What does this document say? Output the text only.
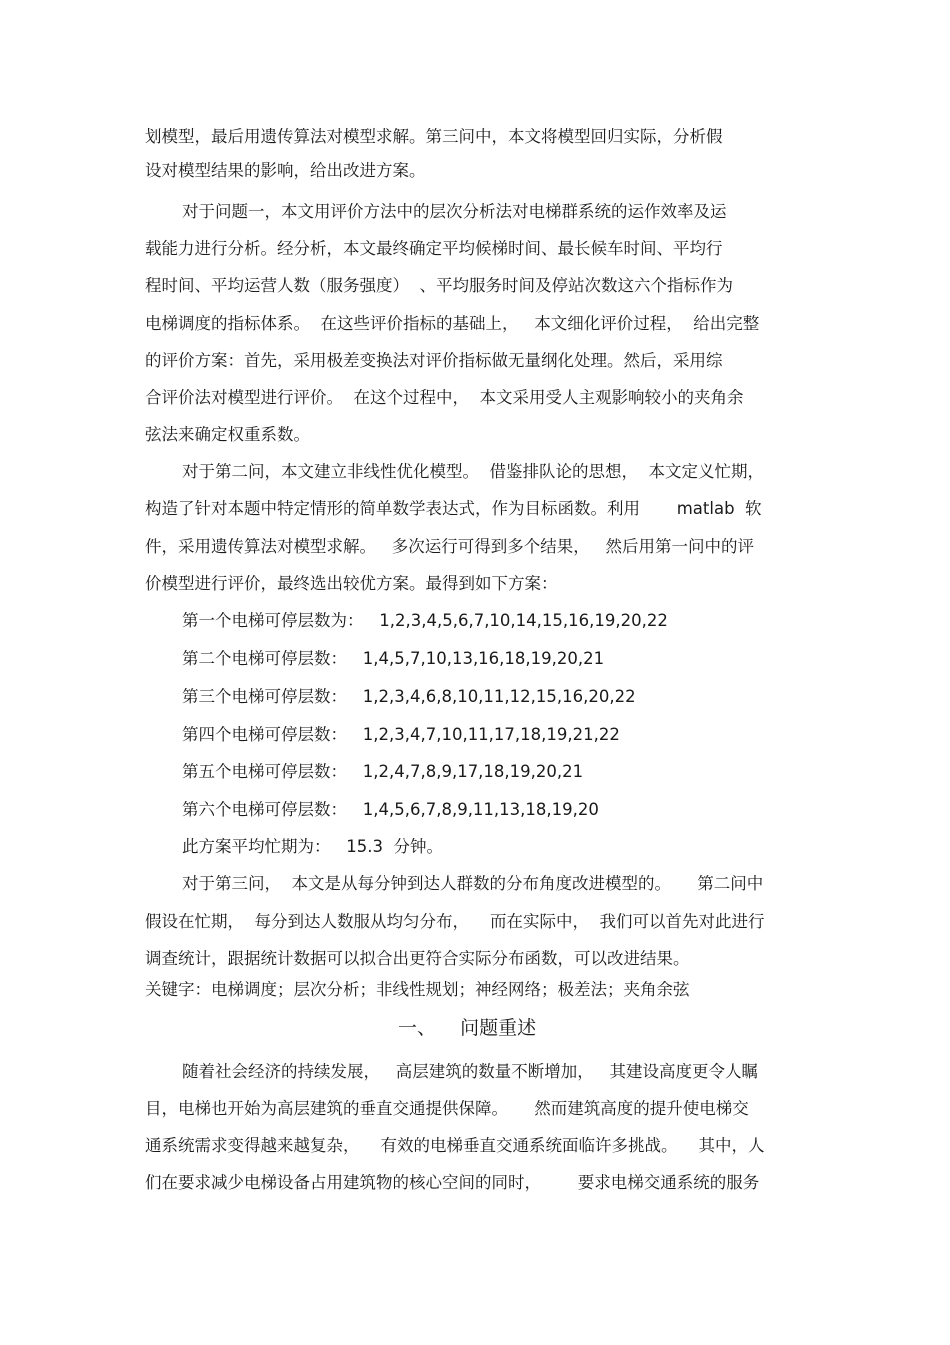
划模型，最后用遗传算法对模型求解。第三问中，本文将模型回归实际，分析假
设对模型结果的影响，给出改进方案。
对于问题一，本文用评价方法中的层次分析法对电梯群系统的运作效率及运
载能力进行分析。经分析，本文最终确定平均候梯时间、最长候车时间、平均行
程时间、平均运营人数（服务强度）  、平均服务时间及停站次数这六个指标作为
电梯调度的指标体系。  在这些评价指标的基础上，   本文细化评价过程，  给出完整
的评价方案：首先，采用极差变换法对评价指标做无量纲化处理。然后，采用综
合评价法对模型进行评价。  在这个过程中，  本文采用受人主观影响较小的夹角余
弦法来确定权重系数。
对于第二问，本文建立非线性优化模型。  借鉴排队论的思想，  本文定义忙期，
构造了针对本题中特定情形的简单数学表达式，作为目标函数。利用       matlab  软
件，采用遗传算法对模型求解。   多次运行可得到多个结果，   然后用第一问中的评
价模型进行评价，最终选出较优方案。最得到如下方案：
第一个电梯可停层数为：   1,2,3,4,5,6,7,10,14,15,16,19,20,22
第二个电梯可停层数：   1,4,5,7,10,13,16,18,19,20,21
第三个电梯可停层数：   1,2,3,4,6,8,10,11,12,15,16,20,22
第四个电梯可停层数：   1,2,3,4,7,10,11,17,18,19,21,22
第五个电梯可停层数：   1,2,4,7,8,9,17,18,19,20,21
第六个电梯可停层数：   1,4,5,6,7,8,9,11,13,18,19,20
此方案平均忙期为：   15.3  分钟。
对于第三问，  本文是从每分钟到达人群数的分布角度改进模型的。     第二问中
假设在忙期，  每分到达人数服从均匀分布，    而在实际中，  我们可以首先对此进行
调查统计，跟据统计数据可以拟合出更符合实际分布函数，可以改进结果。
关键字：电梯调度；层次分析；非线性规划；神经网络；极差法；夹角余弦
一、    问题重述
随着社会经济的持续发展，   高层建筑的数量不断增加，   其建设高度更令人瞩
目，电梯也开始为高层建筑的垂直交通提供保障。     然而建筑高度的提升使电梯交
通系统需求变得越来越复杂，    有效的电梯垂直交通系统面临许多挑战。    其中，人
们在要求减少电梯设备占用建筑物的核心空间的同时，       要求电梯交通系统的服务
